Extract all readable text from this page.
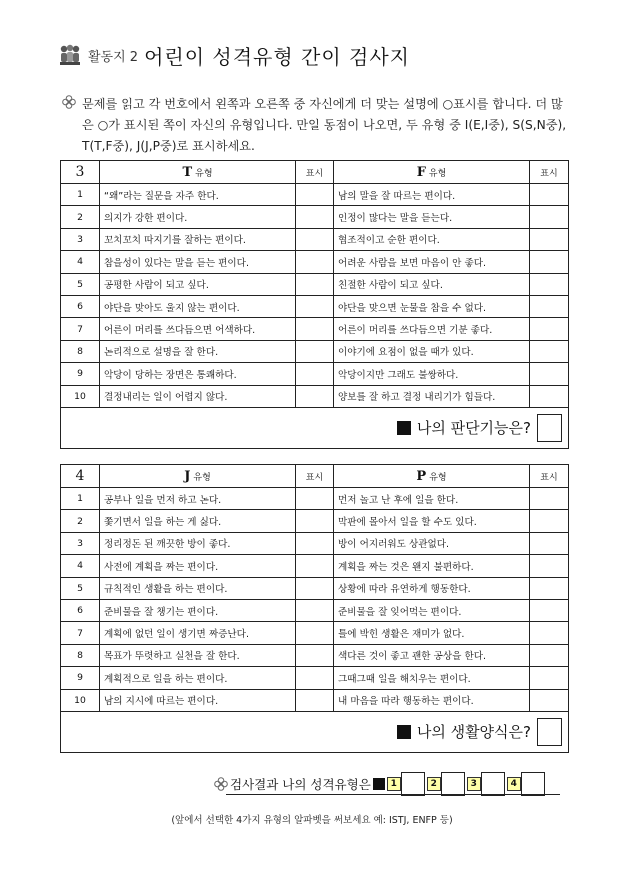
활동지 2 어린이 성격유형 간이 검사지
문제를 읽고 각 번호에서 왼쪽과 오른쪽 중 자신에게 더 맞는 설명에 ○표시를 합니다. 더 많은 ○가 표시된 쪽이 자신의 유형입니다. 만일 동점이 나오면, 두 유형 중 I(E,I중), S(S,N중), T(T,F중), J(J,P중)로 표시하세요.
3	T 유형	표시	F 유형	표시
1	“왜”라는 질문을 자주 한다.		남의 말을 잘 따르는 편이다.	
2	의지가 강한 편이다.		인정이 많다는 말을 듣는다.	
3	꼬치꼬치 따지기를 잘하는 편이다.		협조적이고 순한 편이다.	
4	참을성이 있다는 말을 듣는 편이다.		어려운 사람을 보면 마음이 안 좋다.	
5	공평한 사람이 되고 싶다.		친절한 사람이 되고 싶다.	
6	야단을 맞아도 울지 않는 편이다.		야단을 맞으면 눈물을 참을 수 없다.	
7	어른이 머리를 쓰다듬으면 어색하다.		어른이 머리를 쓰다듬으면 기분 좋다.	
8	논리적으로 설명을 잘 한다.		이야기에 요점이 없을 때가 있다.	
9	악당이 당하는 장면은 통쾌하다.		악당이지만 그래도 불쌍하다.	
10	결정내리는 일이 어렵지 않다.		양보를 잘 하고 결정 내리기가 힘들다.	

나의 판단기능은?				
4	J 유형	표시	P 유형	표시
1	공부나 일을 먼저 하고 논다.		먼저 놀고 난 후에 일을 한다.	
2	쫓기면서 일을 하는 게 싫다.		막판에 몰아서 일을 할 수도 있다.	
3	정리정돈 된 깨끗한 방이 좋다.		방이 어지러워도 상관없다.	
4	사전에 계획을 짜는 편이다.		계획을 짜는 것은 왠지 불편하다.	
5	규칙적인 생활을 하는 편이다.		상황에 따라 유연하게 행동한다.	
6	준비물을 잘 챙기는 편이다.		준비물을 잘 잊어먹는 편이다.	
7	계획에 없던 일이 생기면 짜증난다.		틀에 박힌 생활은 재미가 없다.	
8	목표가 뚜렷하고 실천을 잘 한다.		색다른 것이 좋고 괜한 공상을 한다.	
9	계획적으로 일을 하는 편이다.		그때그때 일을 해치우는 편이다.	
10	남의 지시에 따르는 편이다.		내 마음을 따라 행동하는 편이다.	

나의 생활양식은?				
검사결과 나의 성격유형은	1	2	3	4
(앞에서 선택한 4가지 유형의 알파벳을 써보세요 예: ISTJ, ENFP 등)
